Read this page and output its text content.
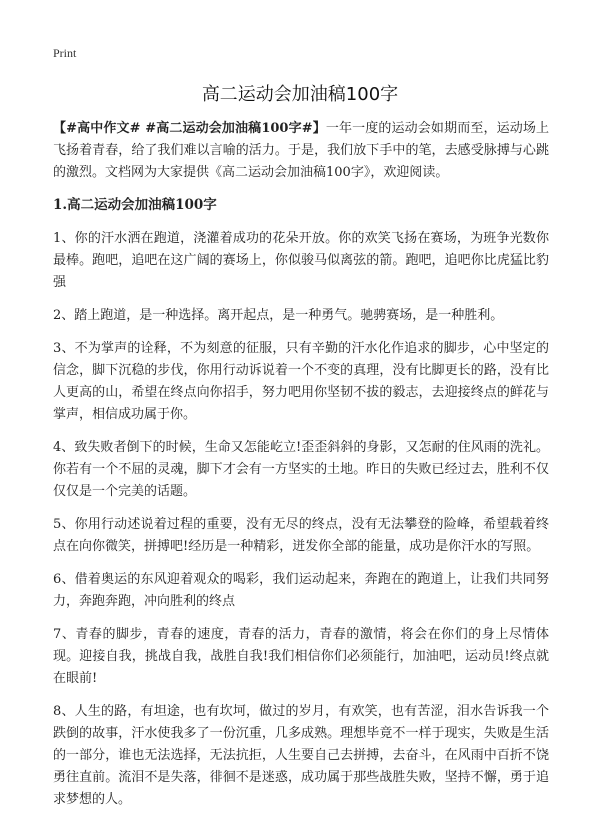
Print
高二运动会加油稿100字

【#高中作文# #高二运动会加油稿100字#】一年一度的运动会如期而至，运动场上飞扬着青春，给了我们难以言喻的活力。于是，我们放下手中的笔，去感受脉搏与心跳的激烈。文档网为大家提供《高二运动会加油稿100字》，欢迎阅读。

1.高二运动会加油稿100字

1、你的汗水洒在跑道，浇灌着成功的花朵开放。你的欢笑飞扬在赛场，为班争光数你最棒。跑吧，追吧在这广阔的赛场上，你似骏马似离弦的箭。跑吧，追吧你比虎猛比豹强

2、踏上跑道，是一种选择。离开起点，是一种勇气。驰骋赛场，是一种胜利。

3、不为掌声的诠释，不为刻意的征服，只有辛勤的汗水化作追求的脚步，心中坚定的信念，脚下沉稳的步伐，你用行动诉说着一个不变的真理，没有比脚更长的路，没有比人更高的山，希望在终点向你招手，努力吧用你坚韧不拔的毅志，去迎接终点的鲜花与掌声，相信成功属于你。

4、致失败者倒下的时候，生命又怎能屹立!歪歪斜斜的身影，又怎耐的住风雨的洗礼。你若有一个不屈的灵魂，脚下才会有一方坚实的土地。昨日的失败已经过去，胜利不仅仅仅是一个完美的话题。

5、你用行动述说着过程的重要，没有无尽的终点，没有无法攀登的险峰，希望载着终点在向你微笑，拼搏吧!经历是一种精彩，迸发你全部的能量，成功是你汗水的写照。

6、借着奥运的东风迎着观众的喝彩，我们运动起来，奔跑在的跑道上，让我们共同努力，奔跑奔跑，冲向胜利的终点

7、青春的脚步，青春的速度，青春的活力，青春的激情，将会在你们的身上尽情体现。迎接自我，挑战自我，战胜自我!我们相信你们必须能行，加油吧，运动员!终点就在眼前!

8、人生的路，有坦途，也有坎坷，做过的岁月，有欢笑，也有苦涩，泪水告诉我一个跌倒的故事，汗水使我多了一份沉重，几多成熟。理想毕竟不一样于现实，失败是生活的一部分，谁也无法选择，无法抗拒，人生要自己去拼搏，去奋斗，在风雨中百折不饶勇往直前。流泪不是失落，徘徊不是迷惑，成功属于那些战胜失败，坚持不懈，勇于追求梦想的人。
